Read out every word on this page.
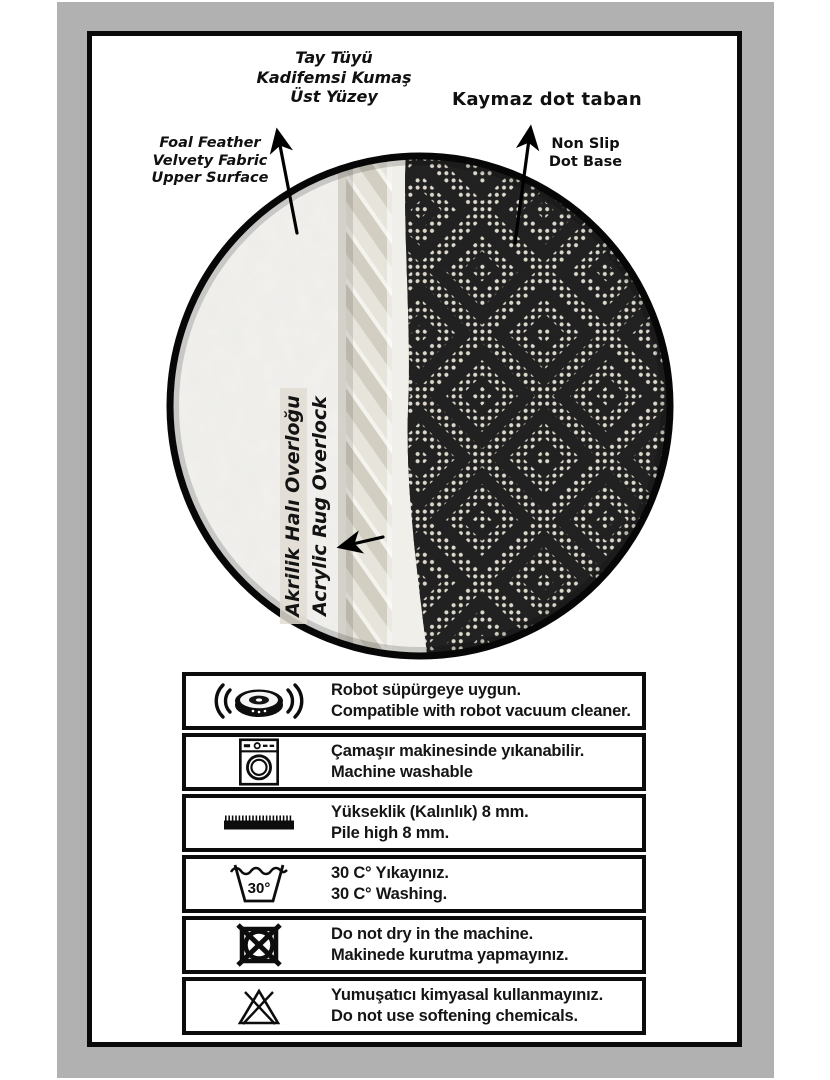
Tay Tüyü
Kadifemsi Kumaş
Üst Yüzey
Foal Feather
Velvety Fabric
Upper Surface
Kaymaz dot taban
Non Slip
Dot Base
Akrilik Halı Overloğu Acrylic Rug Overlock
Robot süpürgeye uygun.
Compatible with robot vacuum cleaner.
Çamaşır makinesinde yıkanabilir.
Machine washable
Yükseklik (Kalınlık) 8 mm.
Pile high 8 mm.
30°
30 C° Yıkayınız.
30 C° Washing.
Do not dry in the machine.
Makinede kurutma yapmayınız.
Yumuşatıcı kimyasal kullanmayınız.
Do not use softening chemicals.
